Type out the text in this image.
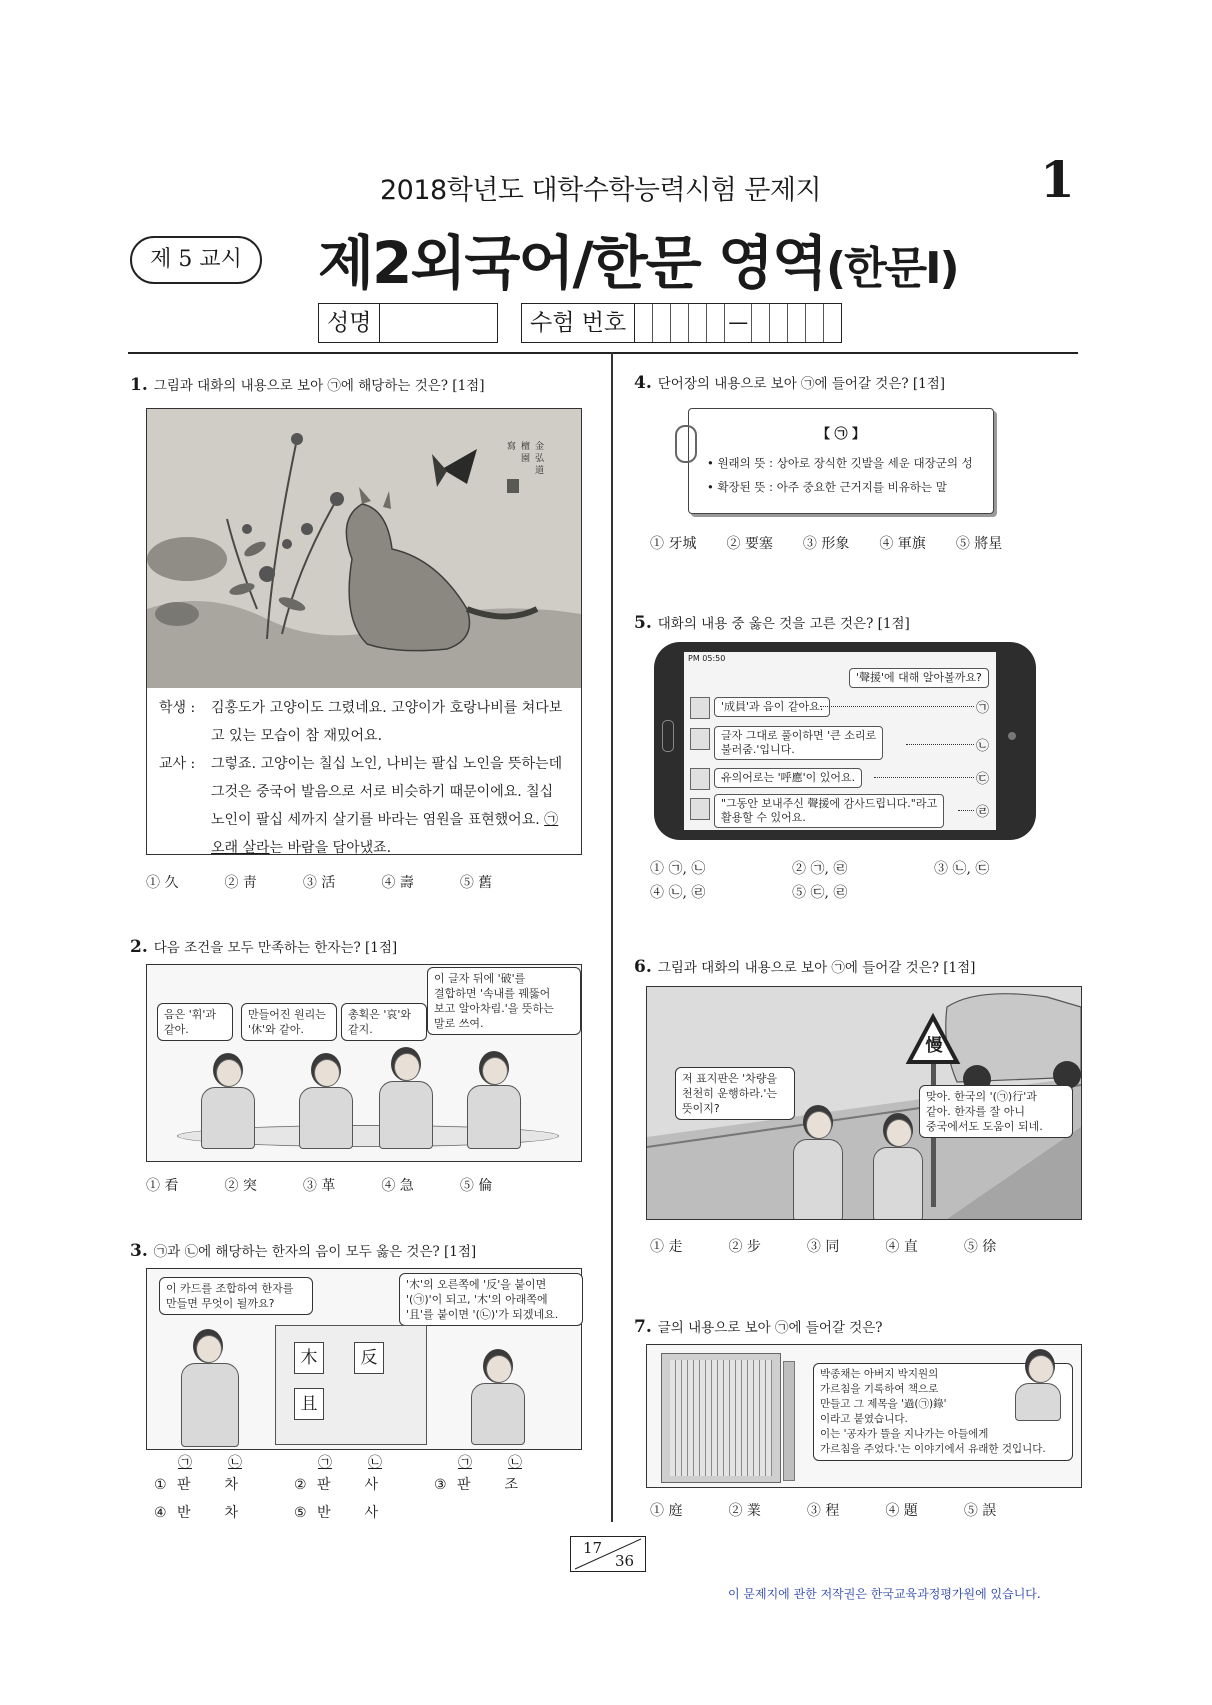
2018학년도 대학수학능력시험 문제지	1
제 5 교시	제2외국어/한문 영역(한문Ⅰ)
성명	수험 번호	—
1. 그림과 대화의 내용으로 보아 ㉠에 해당하는 것은? [1점]
金
弘
道
檀
園
寫
학생 :	김홍도가 고양이도 그렸네요. 고양이가 호랑나비를 쳐다보고 있는 모습이 참 재밌어요.
교사 :	그렇죠. 고양이는 칠십 노인, 나비는 팔십 노인을 뜻하는데 그것은 중국어 발음으로 서로 비슷하기 때문이에요. 칠십 노인이 팔십 세까지 살기를 바라는 염원을 표현했어요. ㉠오래 살라는 바람을 담아냈죠.
① 久	② 靑	③ 活	④ 壽	⑤ 舊
2. 다음 조건을 모두 만족하는 한자는? [1점]
음은 '휘'과
같아.
만들어진 원리는
'休'와 같아.
총획은 '哀'와
같지.
이 글자 뒤에 '破'를
결합하면 '속내를 꿰뚫어
보고 알아차림.'을 뜻하는
말로 쓰여.
① 看	② 突	③ 革	④ 急	⑤ 倫
3. ㉠과 ㉡에 해당하는 한자의 음이 모두 옳은 것은? [1점]
이 카드를 조합하여 한자를
만들면 무엇이 될까요?
'木'의 오른쪽에 '反'을 붙이면
'(㉠)'이 되고, '木'의 아래쪽에
'且'를 붙이면 '(㉡)'가 되겠네요.
木	反
且
㉠	㉡	㉠	㉡	㉠	㉡
① 판 차	② 판 사	③ 판 조
④ 반 차	⑤ 반 사
4. 단어장의 내용으로 보아 ㉠에 들어갈 것은? [1점]
【 ㉠ 】
• 원래의 뜻 : 상아로 장식한 깃발을 세운 대장군의 성
• 확장된 뜻 : 아주 중요한 근거지를 비유하는 말
① 牙城 ② 要塞 ③ 形象 ④ 軍旗 ⑤ 將星
5. 대화의 내용 중 옳은 것을 고른 것은? [1점]
PM 05:50
'聲援'에 대해 알아볼까요?
'成員'과 음이 같아요.	㉠
글자 그대로 풀이하면 '큰 소리로
불러줌.'입니다.	㉡
유의어로는 '呼應'이 있어요.	㉢
"그동안 보내주신 聲援에 감사드립니다."라고
활용할 수 있어요.	㉣
① ㉠, ㉡	② ㉠, ㉣	③ ㉡, ㉢
④ ㉡, ㉣	⑤ ㉢, ㉣
6. 그림과 대화의 내용으로 보아 ㉠에 들어갈 것은? [1점]
慢
저 표지판은 '차량을
천천히 운행하라.'는
뜻이지?
맞아. 한국의 '(㉠)行'과
같아. 한자를 잘 아니
중국에서도 도움이 되네.
① 走	② 步	③ 同	④ 直	⑤ 徐
7. 글의 내용으로 보아 ㉠에 들어갈 것은?
박종채는 아버지 박지원의
가르침을 기록하여 책으로
만들고 그 제목을 '過(㉠)錄'
이라고 붙였습니다.
이는 '공자가 뜰을 지나가는 아들에게
가르침을 주었다.'는 이야기에서 유래한 것입니다.
① 庭	② 業	③ 程	④ 題	⑤ 誤
17
36
이 문제지에 관한 저작권은 한국교육과정평가원에 있습니다.
